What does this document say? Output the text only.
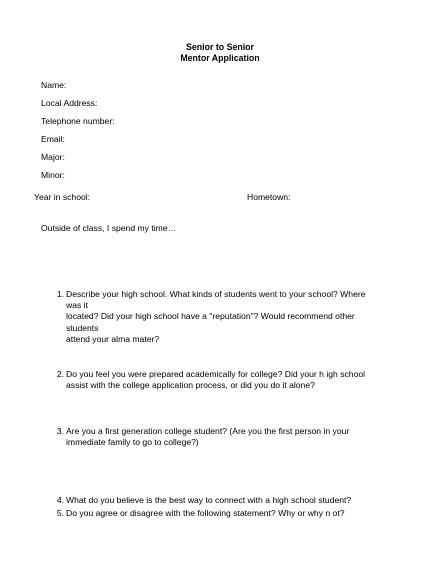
Senior to Senior
Mentor Application
Name:
Local Address:
Telephone number:
Email:
Major:
Minor:
Year in school:	Hometown:
Outside of class, I spend my time…
1. Describe your high school. What kinds of students went to your school? Where was it
located? Did your high school have a "reputation"? Would recommend other students
attend your alma mater?
2. Do you feel you were prepared academically for college? Did your h igh school
assist with the college application process, or did you do it alone?
3. Are you a first generation college student? (Are you the first person in your
immediate family to go to college?)
4. What do you believe is the best way to connect with a high school student?
5. Do you agree or disagree with the following statement? Why or why n ot?
